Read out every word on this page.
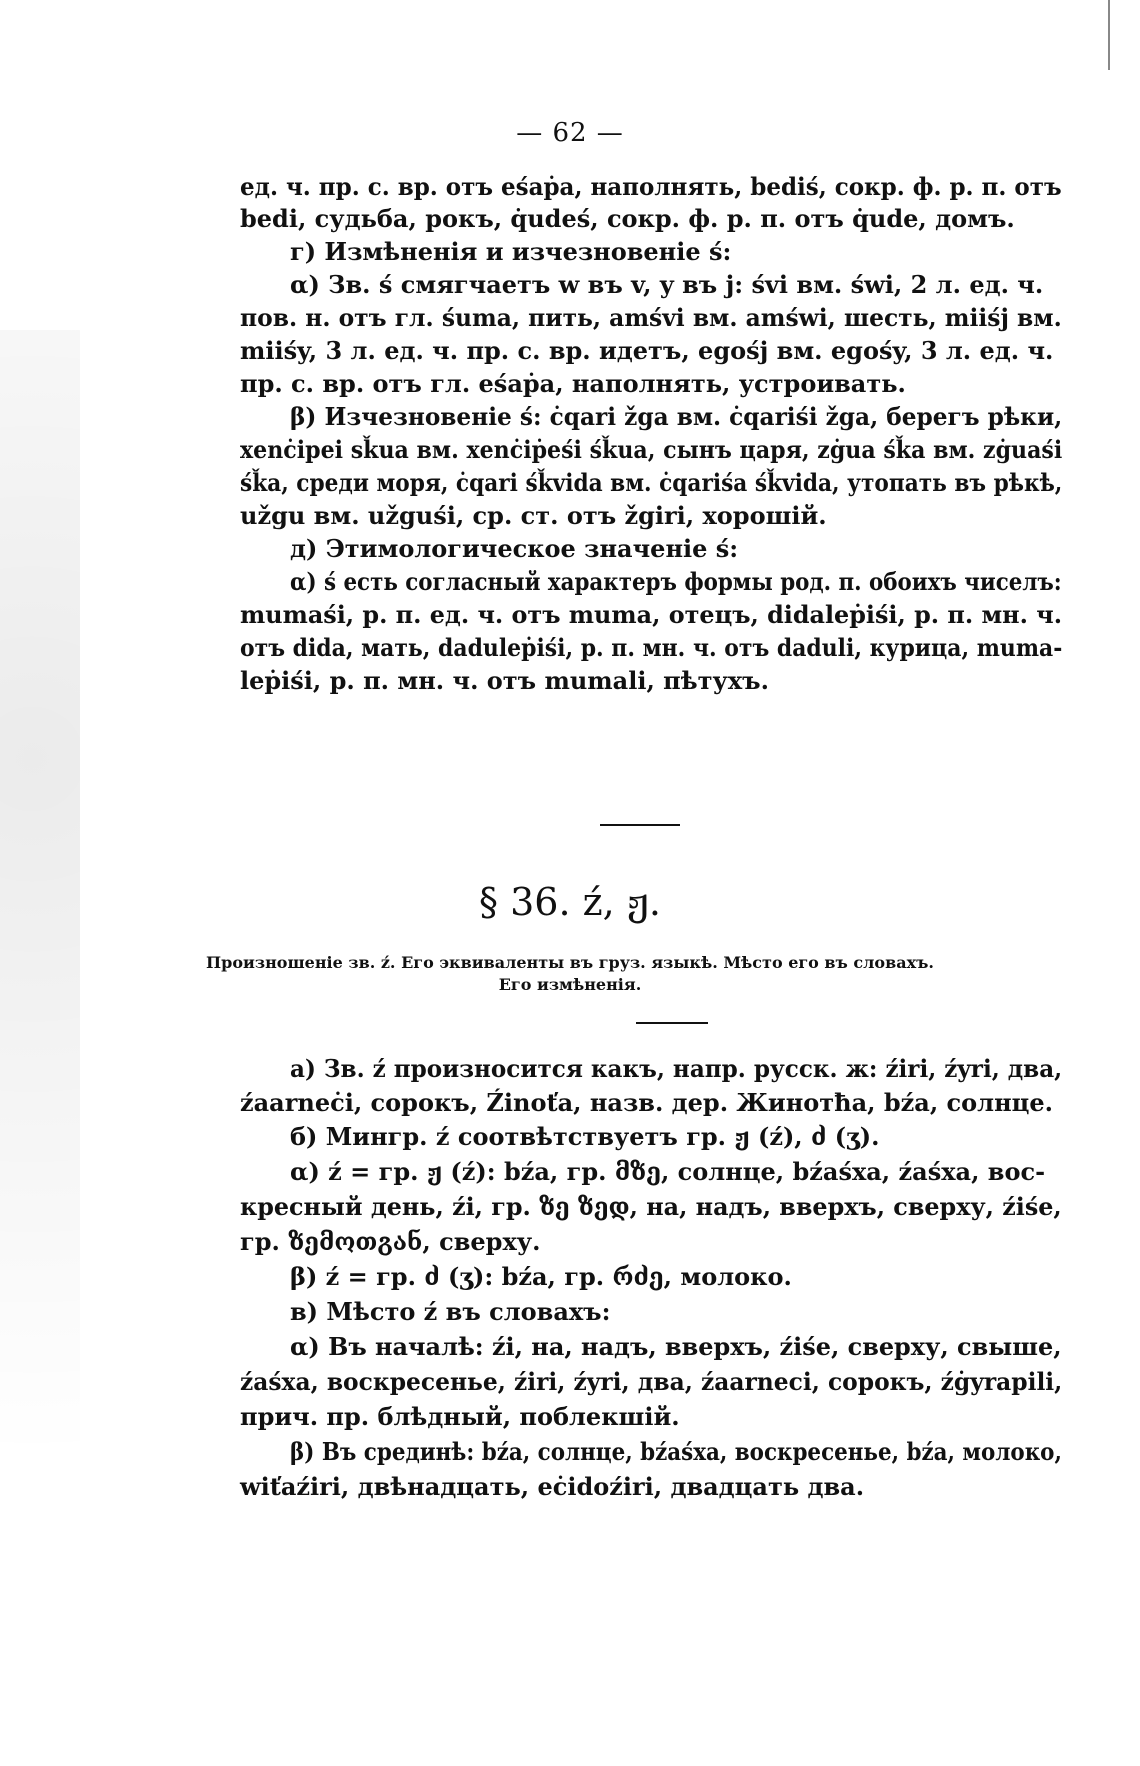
— 62 —
ед. ч. пр. с. вр. отъ eśaṗa, наполнять, bediś, сокр. ф. р. п. отъ
bedi, судьба, рокъ, q̇udeś, сокр. ф. р. п. отъ q̇ude, домъ.
г) Измѣненія и изчезновеніе ś:
α) Зв. ś смягчаетъ w въ v, y въ j: śvi вм. świ, 2 л. ед. ч.
пов. н. отъ гл. śuma, пить, amśvi вм. amświ, шесть, miiśj вм.
miiśy, 3 л. ед. ч. пр. с. вр. идетъ, egośj вм. egośy, 3 л. ед. ч.
пр. с. вр. отъ гл. eśaṗa, наполнять, устроивать.
β) Изчезновеніе ś: ċqari žga вм. ċqariśi žga, берегъ рѣки,
xenċipei sǩua вм. xenċiṗeśi śǩua, сынъ царя, zġua śǩa вм. zġuaśi
śǩa, среди моря, ċqari śǩvida вм. ċqariśa śǩvida, утопать въ рѣкѣ,
užgu вм. užguśi, ср. ст. отъ žgiri, хорошій.
д) Этимологическое значеніе ś:
α) ś есть согласный характеръ формы род. п. обоихъ чиселъ:
mumaśi, р. п. ед. ч. отъ muma, отецъ, didaleṗiśi, р. п. мн. ч.
отъ dida, мать, daduleṗiśi, р. п. мн. ч. отъ daduli, курица, muma-
leṗiśi, р. п. мн. ч. отъ mumali, пѣтухъ.
§ 36. ź, ჟ.
Произношеніе зв. ź. Его эквиваленты въ груз. языкѣ. Мѣсто его въ словахъ.
Его измѣненія.
а) Зв. ź произносится какъ, напр. русск. ж: źiri, źyri, два,
źaarneċi, сорокъ, Źinoťa, назв. дер. Жинотħа, bźa, солнце.
б) Мингр. ź соотвѣтствуетъ гр. ჟ (ź), ძ (ʒ).
α) ź = гр. ჟ (ź): bźa, гр. მზე, солнце, bźaśxa, źaśxa, вос-
кресный день, źi, гр. ზე ზედ, на, надъ, вверхъ, сверху, źiśe,
гр. ზემოთგან, сверху.
β) ź = гр. ძ (ʒ): bźa, гр. რძე, молоко.
в) Мѣсто ź въ словахъ:
α) Въ началѣ: źi, на, надъ, вверхъ, źiśe, сверху, свыше,
źaśxa, воскресенье, źiri, źyri, два, źaarneci, сорокъ, źġyrapili,
прич. пр. блѣдный, поблекшій.
β) Въ срединѣ: bźa, солнце, bźaśxa, воскресенье, bźa, молоко,
wiťaźiri, двѣнадцать, eċidoźiri, двадцать два.
